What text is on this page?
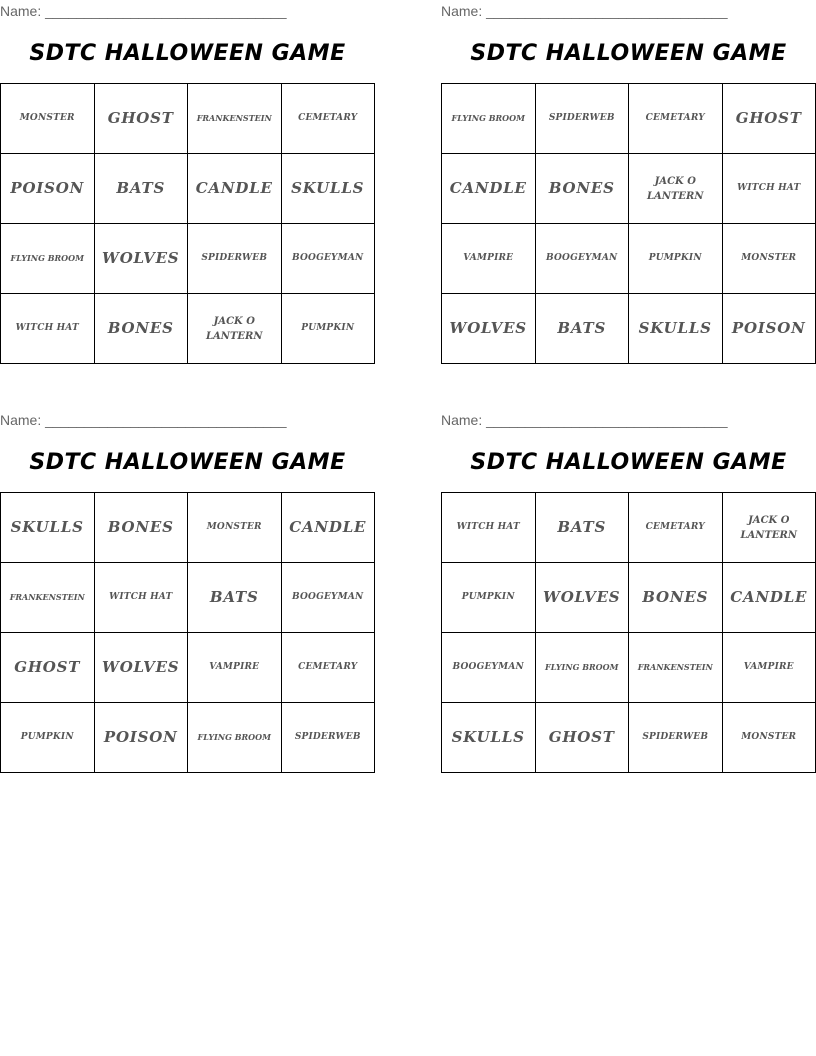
Name: _______________________________
SDTC HALLOWEEN GAME
MONSTER	GHOST	FRANKENSTEIN	CEMETARY
POISON	BATS	CANDLE	SKULLS
FLYING BROOM	WOLVES	SPIDERWEB	BOOGEYMAN
WITCH HAT	BONES	JACK O LANTERN	PUMPKIN
Name: _______________________________
SDTC HALLOWEEN GAME
FLYING BROOM	SPIDERWEB	CEMETARY	GHOST
CANDLE	BONES	JACK O LANTERN	WITCH HAT
VAMPIRE	BOOGEYMAN	PUMPKIN	MONSTER
WOLVES	BATS	SKULLS	POISON
Name: _______________________________
SDTC HALLOWEEN GAME
SKULLS	BONES	MONSTER	CANDLE
FRANKENSTEIN	WITCH HAT	BATS	BOOGEYMAN
GHOST	WOLVES	VAMPIRE	CEMETARY
PUMPKIN	POISON	FLYING BROOM	SPIDERWEB
Name: _______________________________
SDTC HALLOWEEN GAME
WITCH HAT	BATS	CEMETARY	JACK O LANTERN
PUMPKIN	WOLVES	BONES	CANDLE
BOOGEYMAN	FLYING BROOM	FRANKENSTEIN	VAMPIRE
SKULLS	GHOST	SPIDERWEB	MONSTER
